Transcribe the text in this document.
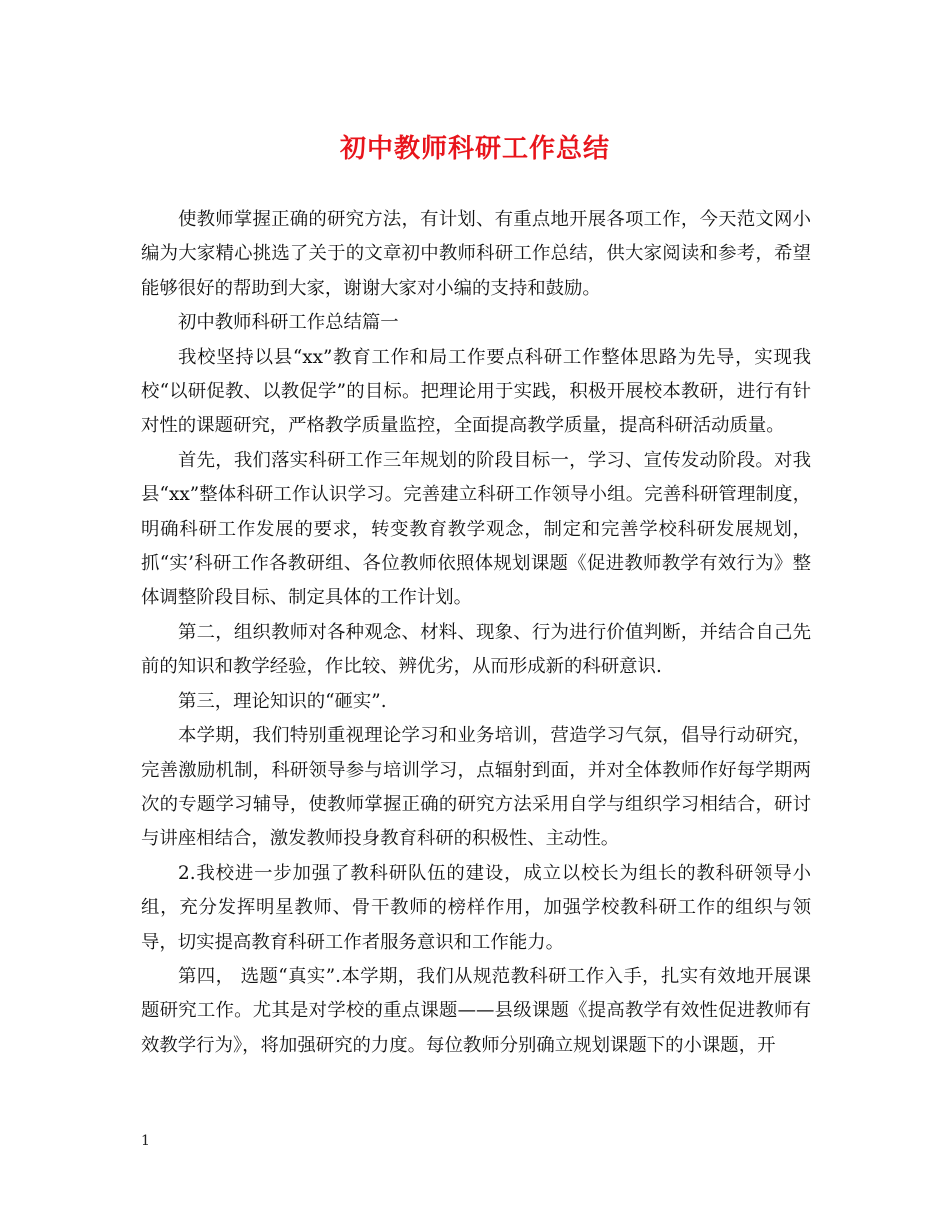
初中教师科研工作总结

使教师掌握正确的研究方法，有计划、有重点地开展各项工作，今天范文网小编为大家精心挑选了关于的文章初中教师科研工作总结，供大家阅读和参考，希望能够很好的帮助到大家，谢谢大家对小编的支持和鼓励。

初中教师科研工作总结篇一

我校坚持以县“xx”教育工作和局工作要点科研工作整体思路为先导，实现我校“以研促教、以教促学”的目标。把理论用于实践，积极开展校本教研，进行有针对性的课题研究，严格教学质量监控，全面提高教学质量，提高科研活动质量。

首先，我们落实科研工作三年规划的阶段目标一，学习、宣传发动阶段。对我县“xx”整体科研工作认识学习。完善建立科研工作领导小组。完善科研管理制度，明确科研工作发展的要求，转变教育教学观念，制定和完善学校科研发展规划，抓“实’科研工作各教研组、各位教师依照体规划课题《促进教师教学有效行为》整体调整阶段目标、制定具体的工作计划。

第二，组织教师对各种观念、材料、现象、行为进行价值判断，并结合自己先前的知识和教学经验，作比较、辨优劣，从而形成新的科研意识.

第三，理论知识的“砸实”.

本学期，我们特别重视理论学习和业务培训，营造学习气氛，倡导行动研究，完善激励机制，科研领导参与培训学习，点辐射到面，并对全体教师作好每学期两次的专题学习辅导，使教师掌握正确的研究方法采用自学与组织学习相结合，研讨与讲座相结合，激发教师投身教育科研的积极性、主动性。

2.我校进一步加强了教科研队伍的建设，成立以校长为组长的教科研领导小组，充分发挥明星教师、骨干教师的榜样作用，加强学校教科研工作的组织与领导，切实提高教育科研工作者服务意识和工作能力。

第四， 选题“真实”.本学期，我们从规范教科研工作入手，扎实有效地开展课题研究工作。尤其是对学校的重点课题——县级课题《提高教学有效性促进教师有效教学行为》，将加强研究的力度。每位教师分别确立规划课题下的小课题，开

1
